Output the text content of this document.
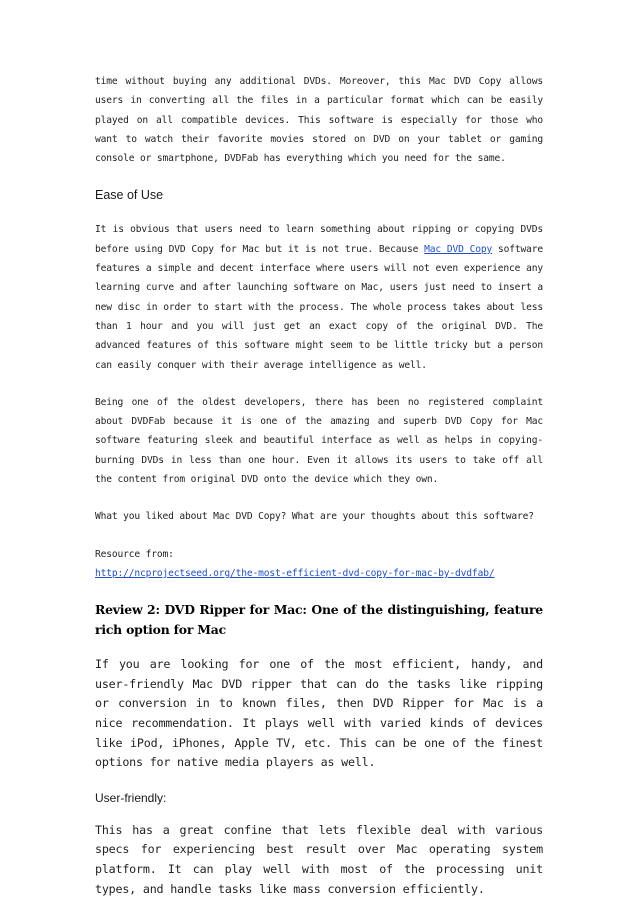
time without buying any additional DVDs. Moreover, this Mac DVD Copy allows users in converting all the files in a particular format which can be easily played on all compatible devices. This software is especially for those who want to watch their favorite movies stored on DVD on your tablet or gaming console or smartphone, DVDFab has everything which you need for the same.

Ease of Use

It is obvious that users need to learn something about ripping or copying DVDs before using DVD Copy for Mac but it is not true. Because Mac DVD Copy software features a simple and decent interface where users will not even experience any learning curve and after launching software on Mac, users just need to insert a new disc in order to start with the process. The whole process takes about less than 1 hour and you will just get an exact copy of the original DVD. The advanced features of this software might seem to be little tricky but a person can easily conquer with their average intelligence as well.

Being one of the oldest developers, there has been no registered complaint about DVDFab because it is one of the amazing and superb DVD Copy for Mac software featuring sleek and beautiful interface as well as helps in copying-burning DVDs in less than one hour. Even it allows its users to take off all the content from original DVD onto the device which they own.

What you liked about Mac DVD Copy? What are your thoughts about this software?

Resource from:
http://ncprojectseed.org/the-most-efficient-dvd-copy-for-mac-by-dvdfab/

Review 2: DVD Ripper for Mac: One of the distinguishing, feature rich option for Mac

If you are looking for one of the most efficient, handy, and user-friendly Mac DVD ripper that can do the tasks like ripping or conversion in to known files, then DVD Ripper for Mac is a nice recommendation. It plays well with varied kinds of devices like iPod, iPhones, Apple TV, etc. This can be one of the finest options for native media players as well.

User-friendly:

This has a great confine that lets flexible deal with various specs for experiencing best result over Mac operating system platform. It can play well with most of the processing unit types, and handle tasks like mass conversion efficiently.
